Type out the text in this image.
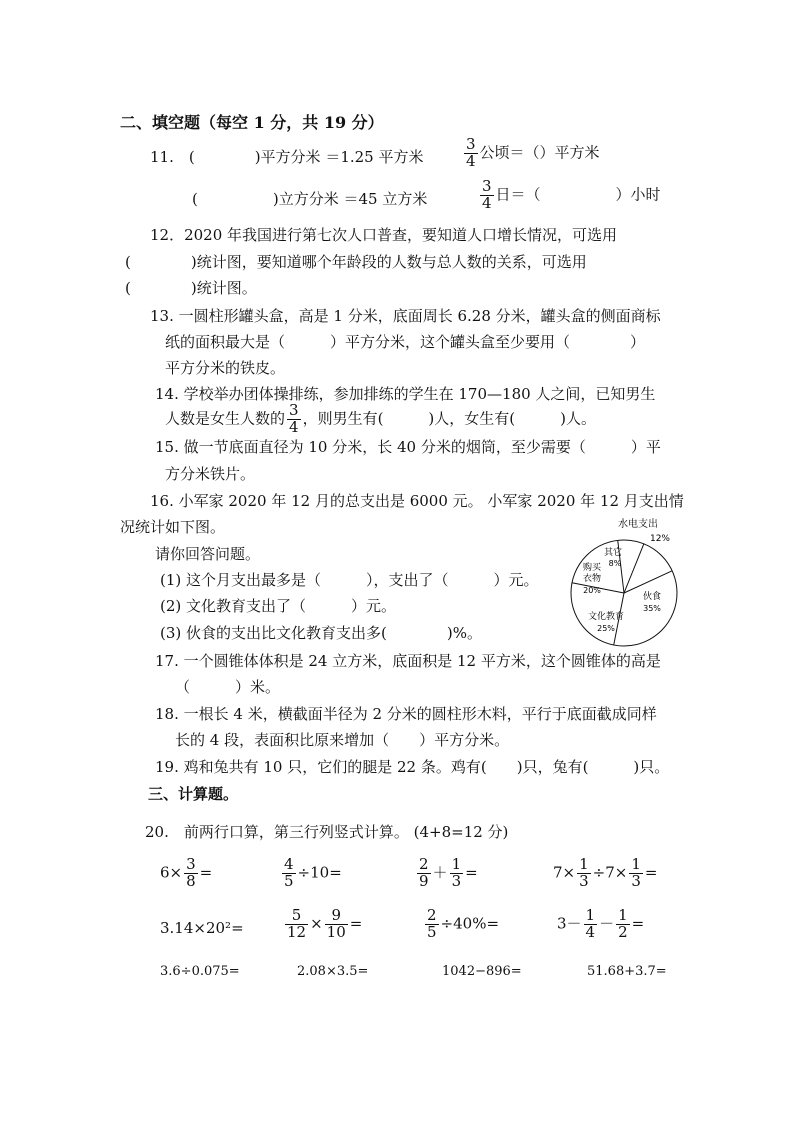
二、填空题（每空 1 分，共 19 分）
11.　(　　　　)平方分米 ＝1.25 平方米	$\frac{3}{4}$ 公顷＝（）平方米
(　　　　　)立方分米 ＝45 立方米	$\frac{3}{4}$ 日＝（　　　　　）小时
12．2020 年我国进行第七次人口普查，要知道人口增长情况，可选用
(　　　　)统计图，要知道哪个年龄段的人数与总人数的关系，可选用
(　　　　)统计图。
13. 一圆柱形罐头盒，高是 1 分米，底面周长 6.28 分米，罐头盒的侧面商标
纸的面积最大是（　　　）平方分米，这个罐头盒至少要用（　　　　）
平方分米的铁皮。
14. 学校举办团体操排练，参加排练的学生在 170—180 人之间，已知男生
人数是女生人数的 $\frac{3}{4}$ ，则男生有(　　　)人，女生有(　　　)人。
15. 做一节底面直径为 10 分米，长 40 分米的烟筒，至少需要（　　　）平
方分米铁片。
16. 小军家 2020 年 12 月的总支出是 6000 元。 小军家 2020 年 12 月支出情
况统计如下图。
请你回答问题。
(1) 这个月支出最多是（　　　），支出了（　　　）元。
(2) 文化教育支出了（　　　）元。
(3) 伙食的支出比文化教育支出多(　　　　)%。
水电支出
12%
伙食
35%
文化教育
25%
购买
衣物
20%
其它
8%
17. 一个圆锥体体积是 24 立方米，底面积是 12 平方米，这个圆锥体的高是
（　　　）米。
18. 一根长 4 米，横截面半径为 2 分米的圆柱形木料，平行于底面截成同样
长的 4 段，表面积比原来增加（　　）平方分米。
19. 鸡和兔共有 10 只，它们的腿是 22 条。鸡有(　　)只，兔有(　　　)只。
三、计算题。
20.　前两行口算，第三行列竖式计算。 (4+8=12 分)
$6\times \frac{3}{8}$ =	$\frac{4}{5} \div 10=$	$\frac{2}{9} + \frac{1}{3}$ =	$7\times \frac{1}{3} \div 7\times \frac{1}{3}$ =
3.14×20²=	$\frac{5}{12} \times \frac{9}{10}$ =	$\frac{2}{5} \div 40\%=$	$3- \frac{1}{4} - \frac{1}{2}$ =
3.6÷0.075=	2.08×3.5=	1042−896=	51.68+3.7=
